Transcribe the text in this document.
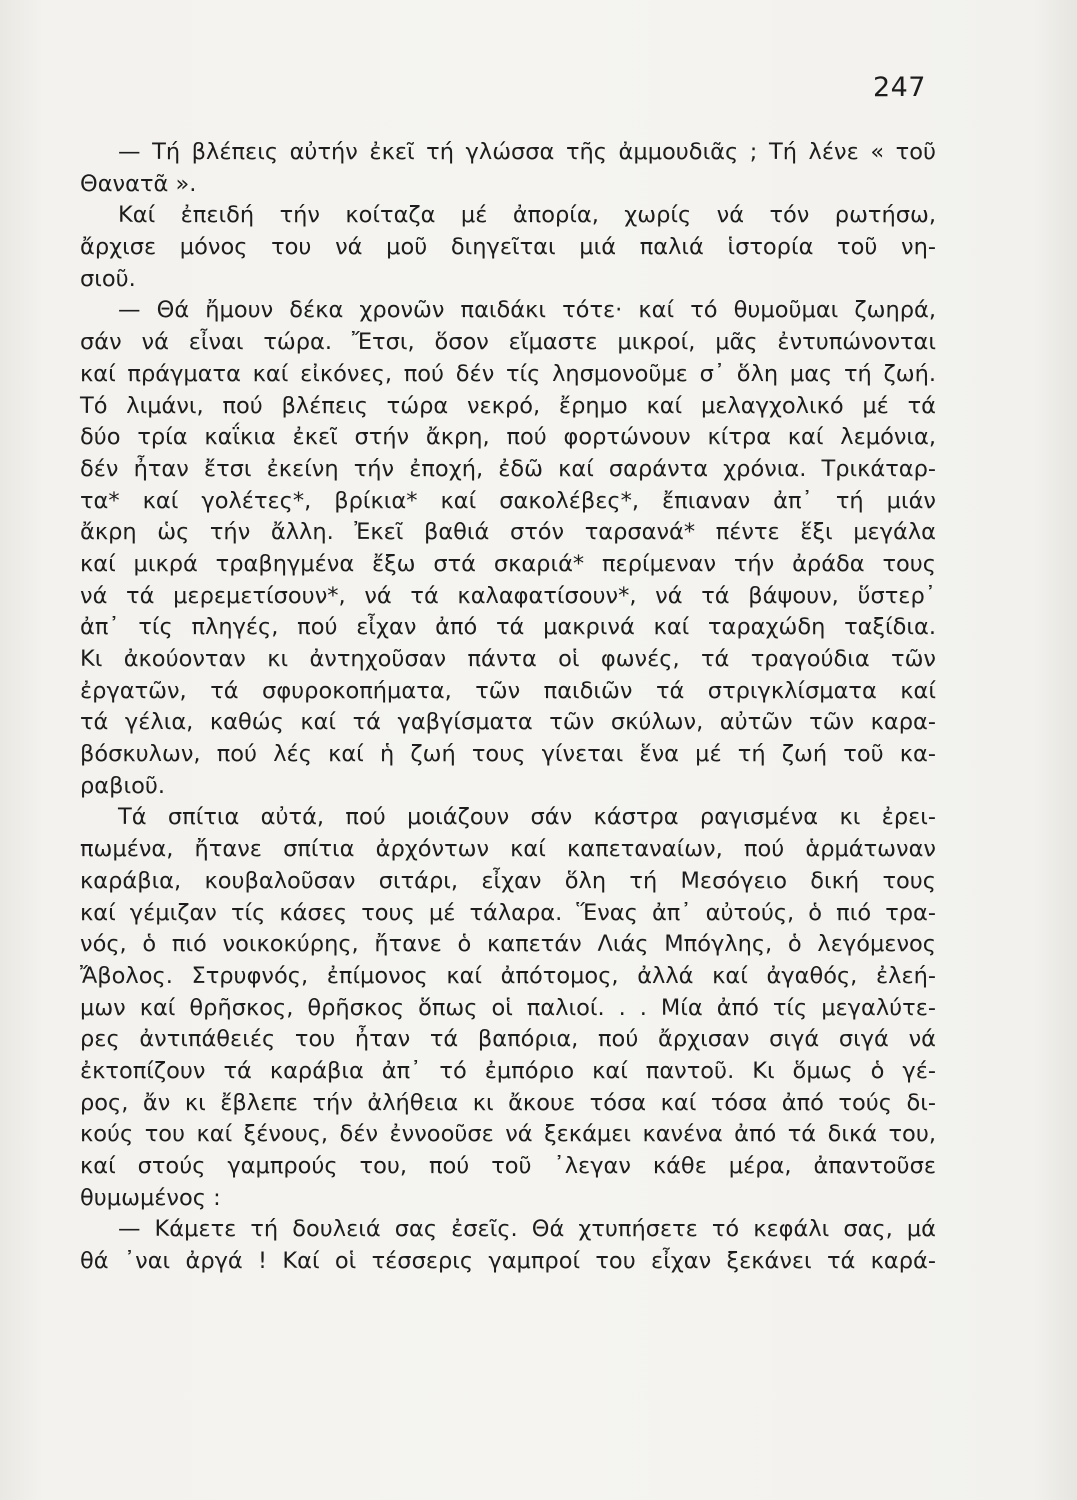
247
— Τή βλέπεις αὐτήν ἐκεῖ τή γλώσσα τῆς ἀμμουδιᾶς ; Τή λένε « τοῦ
Θανατᾶ ».
Καί ἐπειδή τήν κοίταζα μέ ἀπορία, χωρίς νά τόν ρωτήσω,
ἄρχισε μόνος του νά μοῦ διηγεῖται μιά παλιά ἱστορία τοῦ νη-
σιοῦ.
— Θά ἤμουν δέκα χρονῶν παιδάκι τότε· καί τό θυμοῦμαι ζωηρά,
σάν νά εἶναι τώρα. Ἔτσι, ὅσον εἴμαστε μικροί, μᾶς ἐντυπώνονται
καί πράγματα καί εἰκόνες, πού δέν τίς λησμονοῦμε σ᾽ ὅλη μας τή ζωή.
Τό λιμάνι, πού βλέπεις τώρα νεκρό, ἔρημο καί μελαγχολικό μέ τά
δύο τρία καΐκια ἐκεῖ στήν ἄκρη, πού φορτώνουν κίτρα καί λεμόνια,
δέν ἦταν ἔτσι ἐκείνη τήν ἐποχή, ἐδῶ καί σαράντα χρόνια. Τρικάταρ-
τα* καί γολέτες*, βρίκια* καί σακολέβες*, ἔπιαναν ἀπ᾽ τή μιάν
ἄκρη ὡς τήν ἄλλη. Ἐκεῖ βαθιά στόν ταρσανά* πέντε ἕξι μεγάλα
καί μικρά τραβηγμένα ἔξω στά σκαριά* περίμεναν τήν ἀράδα τους
νά τά μερεμετίσουν*, νά τά καλαφατίσουν*, νά τά βάψουν, ὕστερ᾽
ἀπ᾽ τίς πληγές, πού εἶχαν ἀπό τά μακρινά καί ταραχώδη ταξίδια.
Κι ἀκούονταν κι ἀντηχοῦσαν πάντα οἱ φωνές, τά τραγούδια τῶν
ἐργατῶν, τά σφυροκοπήματα, τῶν παιδιῶν τά στριγκλίσματα καί
τά γέλια, καθώς καί τά γαβγίσματα τῶν σκύλων, αὐτῶν τῶν καρα-
βόσκυλων, πού λές καί ἡ ζωή τους γίνεται ἕνα μέ τή ζωή τοῦ κα-
ραβιοῦ.
Τά σπίτια αὐτά, πού μοιάζουν σάν κάστρα ραγισμένα κι ἐρει-
πωμένα, ἤτανε σπίτια ἀρχόντων καί καπεταναίων, πού ἁρμάτωναν
καράβια, κουβαλοῦσαν σιτάρι, εἶχαν ὅλη τή Μεσόγειο δική τους
καί γέμιζαν τίς κάσες τους μέ τάλαρα. Ἕνας ἀπ᾽ αὐτούς, ὁ πιό τρα-
νός, ὁ πιό νοικοκύρης, ἤτανε ὁ καπετάν Λιάς Μπόγλης, ὁ λεγόμενος
Ἄβολος. Στρυφνός, ἐπίμονος καί ἀπότομος, ἀλλά καί ἀγαθός, ἐλεή-
μων καί θρῆσκος, θρῆσκος ὅπως οἱ παλιοί. . . Μία ἀπό τίς μεγαλύτε-
ρες ἀντιπάθειές του ἦταν τά βαπόρια, πού ἄρχισαν σιγά σιγά νά
ἐκτοπίζουν τά καράβια ἀπ᾽ τό ἐμπόριο καί παντοῦ. Κι ὅμως ὁ γέ-
ρος, ἄν κι ἔβλεπε τήν ἀλήθεια κι ἄκουε τόσα καί τόσα ἀπό τούς δι-
κούς του καί ξένους, δέν ἐννοοῦσε νά ξεκάμει κανένα ἀπό τά δικά του,
καί στούς γαμπρούς του, πού τοῦ ᾽λεγαν κάθε μέρα, ἀπαντοῦσε
θυμωμένος :
— Κάμετε τή δουλειά σας ἐσεῖς. Θά χτυπήσετε τό κεφάλι σας, μά
θά ᾽ναι ἀργά ! Καί οἱ τέσσερις γαμπροί του εἶχαν ξεκάνει τά καρά-
